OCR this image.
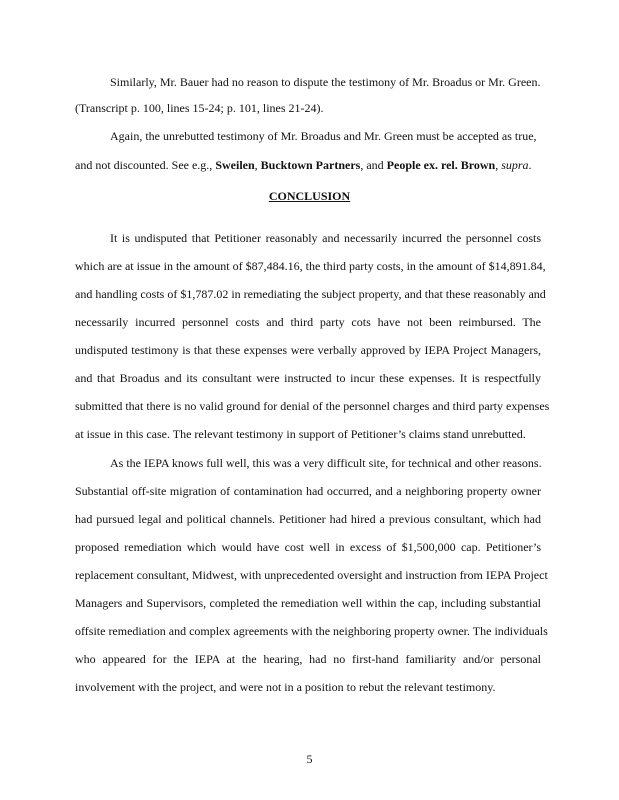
Similarly, Mr. Bauer had no reason to dispute the testimony of Mr. Broadus or Mr. Green.
(Transcript p. 100, lines 15-24; p. 101, lines 21-24).
Again, the unrebutted testimony of Mr. Broadus and Mr. Green must be accepted as true,
and not discounted. See e.g., Sweilen, Bucktown Partners, and People ex. rel. Brown, supra.
CONCLUSION
It is undisputed that Petitioner reasonably and necessarily incurred the personnel costs
which are at issue in the amount of $87,484.16, the third party costs, in the amount of $14,891.84,
and handling costs of $1,787.02 in remediating the subject property, and that these reasonably and
necessarily incurred personnel costs and third party cots have not been reimbursed. The
undisputed testimony is that these expenses were verbally approved by IEPA Project Managers,
and that Broadus and its consultant were instructed to incur these expenses. It is respectfully
submitted that there is no valid ground for denial of the personnel charges and third party expenses
at issue in this case. The relevant testimony in support of Petitioner’s claims stand unrebutted.
As the IEPA knows full well, this was a very difficult site, for technical and other reasons.
Substantial off-site migration of contamination had occurred, and a neighboring property owner
had pursued legal and political channels. Petitioner had hired a previous consultant, which had
proposed remediation which would have cost well in excess of $1,500,000 cap. Petitioner’s
replacement consultant, Midwest, with unprecedented oversight and instruction from IEPA Project
Managers and Supervisors, completed the remediation well within the cap, including substantial
offsite remediation and complex agreements with the neighboring property owner. The individuals
who appeared for the IEPA at the hearing, had no first-hand familiarity and/or personal
involvement with the project, and were not in a position to rebut the relevant testimony.
5
